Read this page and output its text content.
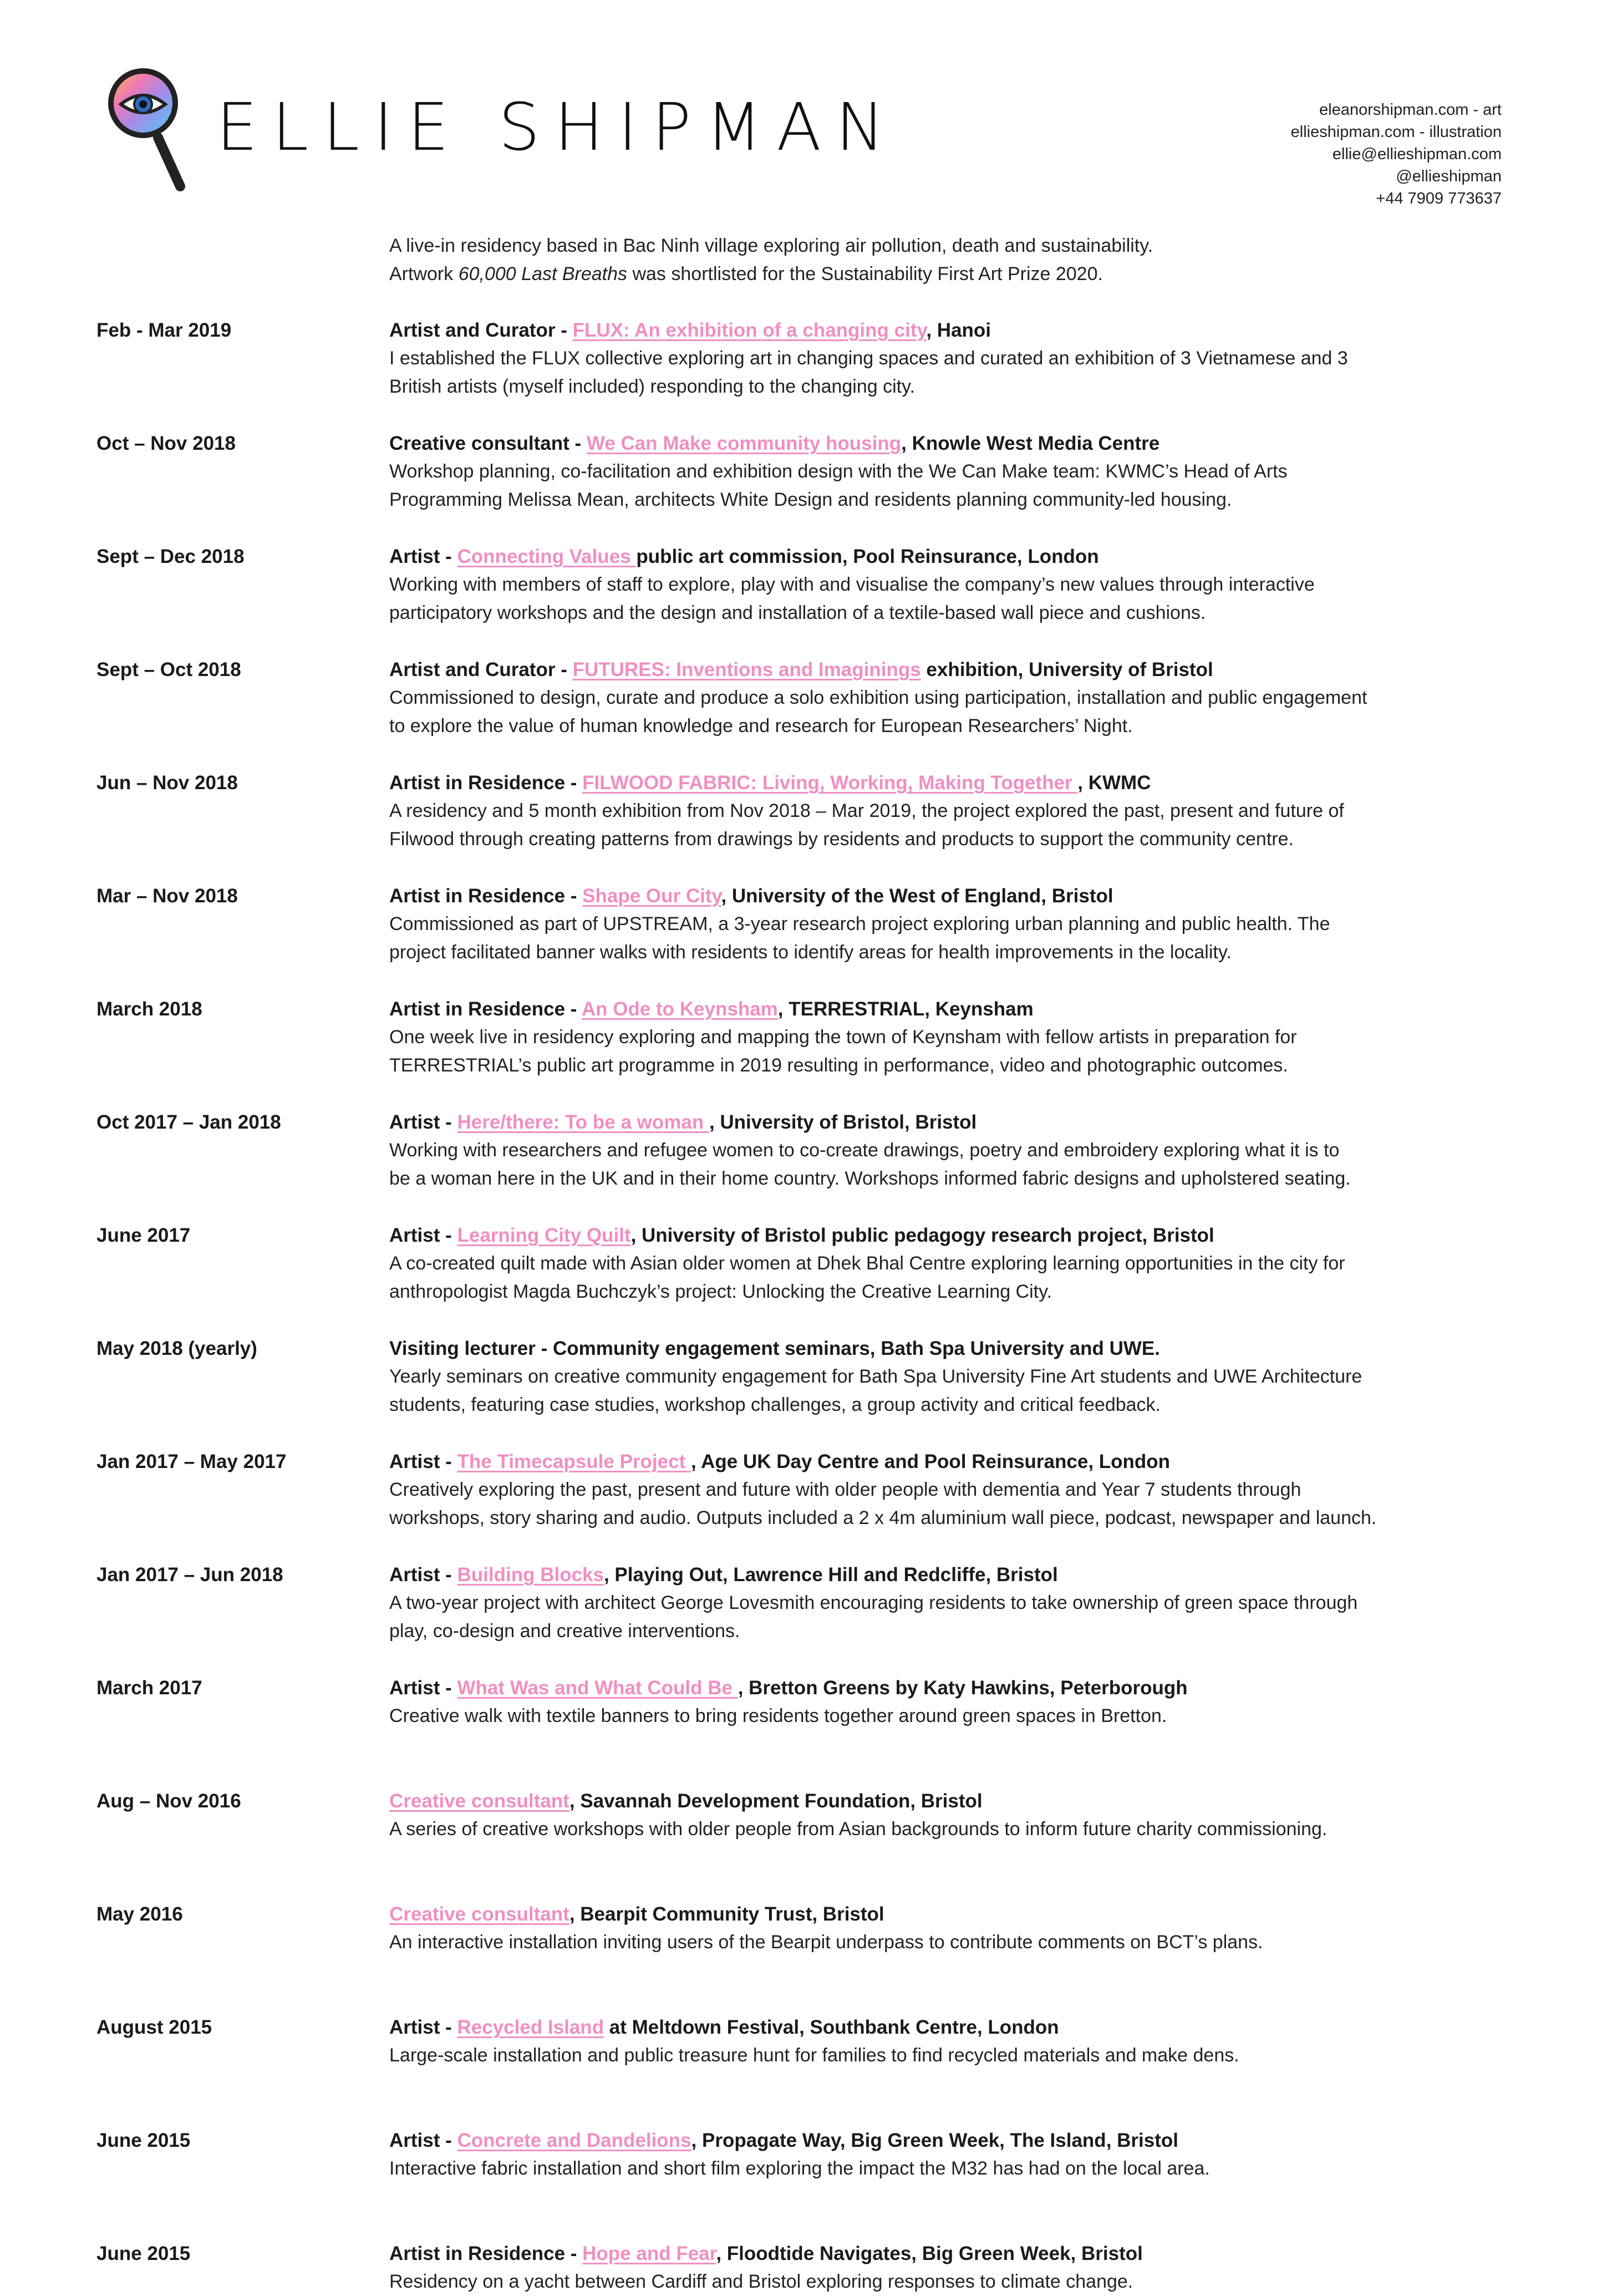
ELLIE SHIPMAN	eleanorshipman.com - art
ellieshipman.com - illustration
ellie@ellieshipman.com
@ellieshipman
+44 7909 773637
A live-in residency based in Bac Ninh village exploring air pollution, death and sustainability.
Artwork 60,000 Last Breaths was shortlisted for the Sustainability First Art Prize 2020.
Feb - Mar 2019	Artist and Curator - FLUX: An exhibition of a changing city, Hanoi
I established the FLUX collective exploring art in changing spaces and curated an exhibition of 3 Vietnamese and 3
British artists (myself included) responding to the changing city.
Oct – Nov 2018	Creative consultant - We Can Make community housing, Knowle West Media Centre
Workshop planning, co-facilitation and exhibition design with the We Can Make team: KWMC’s Head of Arts
Programming Melissa Mean, architects White Design and residents planning community-led housing.
Sept – Dec 2018	Artist - Connecting Values public art commission, Pool Reinsurance, London
Working with members of staff to explore, play with and visualise the company’s new values through interactive
participatory workshops and the design and installation of a textile-based wall piece and cushions.
Sept – Oct 2018	Artist and Curator - FUTURES: Inventions and Imaginings exhibition, University of Bristol
Commissioned to design, curate and produce a solo exhibition using participation, installation and public engagement
to explore the value of human knowledge and research for European Researchers’ Night.
Jun – Nov 2018	Artist in Residence - FILWOOD FABRIC: Living, Working, Making Together , KWMC
A residency and 5 month exhibition from Nov 2018 – Mar 2019, the project explored the past, present and future of
Filwood through creating patterns from drawings by residents and products to support the community centre.
Mar – Nov 2018	Artist in Residence - Shape Our City, University of the West of England, Bristol
Commissioned as part of UPSTREAM, a 3-year research project exploring urban planning and public health. The
project facilitated banner walks with residents to identify areas for health improvements in the locality.
March 2018	Artist in Residence - An Ode to Keynsham, TERRESTRIAL, Keynsham
One week live in residency exploring and mapping the town of Keynsham with fellow artists in preparation for
TERRESTRIAL’s public art programme in 2019 resulting in performance, video and photographic outcomes.
Oct 2017 – Jan 2018	Artist - Here/there: To be a woman , University of Bristol, Bristol
Working with researchers and refugee women to co-create drawings, poetry and embroidery exploring what it is to
be a woman here in the UK and in their home country. Workshops informed fabric designs and upholstered seating.
June 2017	Artist - Learning City Quilt, University of Bristol public pedagogy research project, Bristol
A co-created quilt made with Asian older women at Dhek Bhal Centre exploring learning opportunities in the city for
anthropologist Magda Buchczyk’s project: Unlocking the Creative Learning City.
May 2018 (yearly)	Visiting lecturer - Community engagement seminars, Bath Spa University and UWE.
Yearly seminars on creative community engagement for Bath Spa University Fine Art students and UWE Architecture
students, featuring case studies, workshop challenges, a group activity and critical feedback.
Jan 2017 – May 2017	Artist - The Timecapsule Project , Age UK Day Centre and Pool Reinsurance, London
Creatively exploring the past, present and future with older people with dementia and Year 7 students through
workshops, story sharing and audio. Outputs included a 2 x 4m aluminium wall piece, podcast, newspaper and launch.
Jan 2017 – Jun 2018	Artist - Building Blocks, Playing Out, Lawrence Hill and Redcliffe, Bristol
A two-year project with architect George Lovesmith encouraging residents to take ownership of green space through
play, co-design and creative interventions.
March 2017	Artist - What Was and What Could Be , Bretton Greens by Katy Hawkins, Peterborough
Creative walk with textile banners to bring residents together around green spaces in Bretton.
Aug – Nov 2016	Creative consultant, Savannah Development Foundation, Bristol
A series of creative workshops with older people from Asian backgrounds to inform future charity commissioning.
May 2016	Creative consultant, Bearpit Community Trust, Bristol
An interactive installation inviting users of the Bearpit underpass to contribute comments on BCT’s plans.
August 2015	Artist - Recycled Island at Meltdown Festival, Southbank Centre, London
Large-scale installation and public treasure hunt for families to find recycled materials and make dens.
June 2015	Artist - Concrete and Dandelions, Propagate Way, Big Green Week, The Island, Bristol
Interactive fabric installation and short film exploring the impact the M32 has had on the local area.
June 2015	Artist in Residence - Hope and Fear, Floodtide Navigates, Big Green Week, Bristol
Residency on a yacht between Cardiff and Bristol exploring responses to climate change.
